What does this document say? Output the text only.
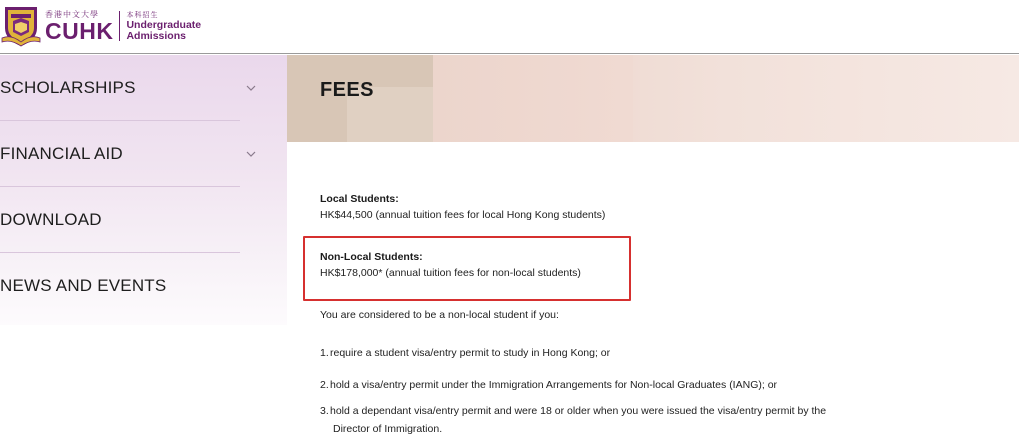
香港中文大學
CUHK
本科招生
Undergraduate
Admissions
SCHOLARSHIPS
FINANCIAL AID
DOWNLOAD
NEWS AND EVENTS
FEES
Local Students:
HK$44,500 (annual tuition fees for local Hong Kong students)
Non-Local Students:
HK$178,000* (annual tuition fees for non-local students)
You are considered to be a non-local student if you:
1.require a student visa/entry permit to study in Hong Kong; or
2.hold a visa/entry permit under the Immigration Arrangements for Non-local Graduates (IANG); or
3.hold a dependant visa/entry permit and were 18 or older when you were issued the visa/entry permit by the
Director of Immigration.
